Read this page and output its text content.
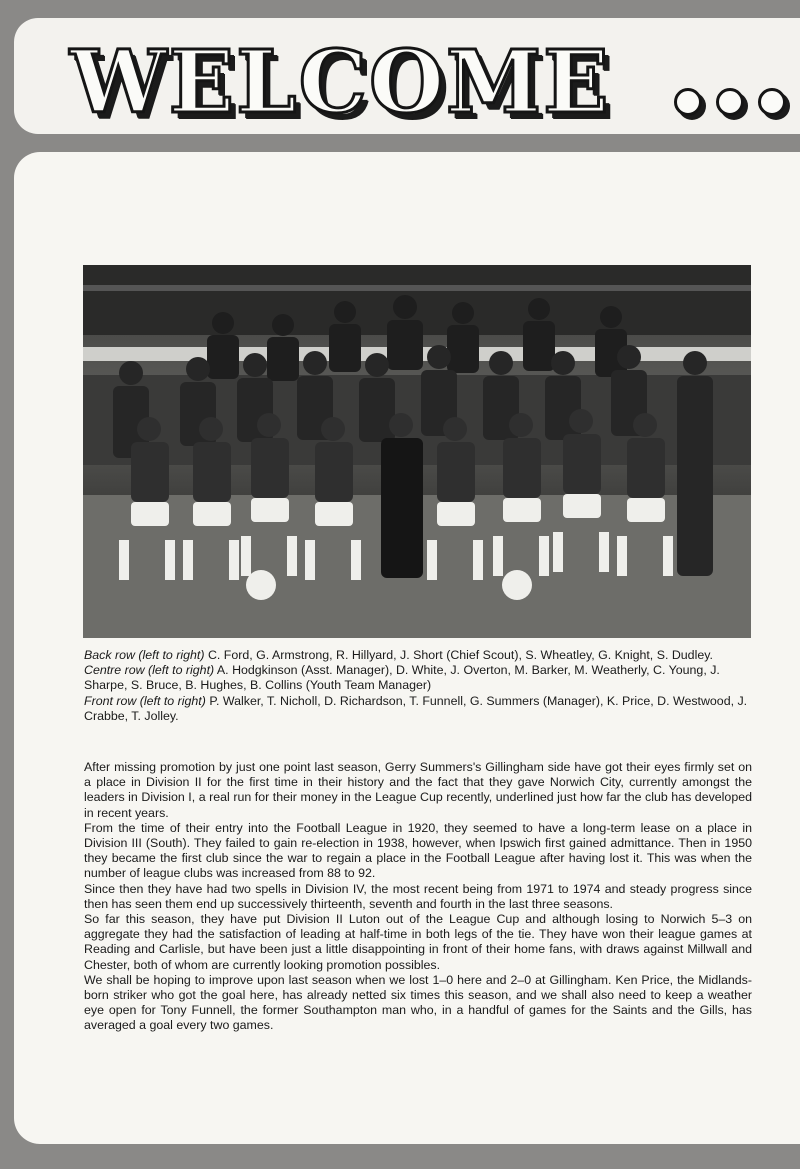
WELCOME

Back row (left to right) C. Ford, G. Armstrong, R. Hillyard, J. Short (Chief Scout), S. Wheatley, G. Knight, S. Dudley.

Centre row (left to right) A. Hodgkinson (Asst. Manager), D. White, J. Overton, M. Barker, M. Weatherly, C. Young, J. Sharpe, S. Bruce, B. Hughes, B. Collins (Youth Team Manager)

Front row (left to right) P. Walker, T. Nicholl, D. Richardson, T. Funnell, G. Summers (Manager), K. Price, D. Westwood, J. Crabbe, T. Jolley.

After missing promotion by just one point last season, Gerry Summers's Gillingham side have got their eyes firmly set on a place in Division II for the first time in their history and the fact that they gave Norwich City, currently amongst the leaders in Division I, a real run for their money in the League Cup recently, underlined just how far the club has developed in recent years.

From the time of their entry into the Football League in 1920, they seemed to have a long-term lease on a place in Division III (South). They failed to gain re-election in 1938, however, when Ipswich first gained admittance. Then in 1950 they became the first club since the war to regain a place in the Football League after having lost it. This was when the number of league clubs was increased from 88 to 92.

Since then they have had two spells in Division IV, the most recent being from 1971 to 1974 and steady progress since then has seen them end up successively thirteenth, seventh and fourth in the last three seasons.

So far this season, they have put Division II Luton out of the League Cup and although losing to Norwich 5–3 on aggregate they had the satisfaction of leading at half-time in both legs of the tie. They have won their league games at Reading and Carlisle, but have been just a little disappointing in front of their home fans, with draws against Millwall and Chester, both of whom are currently looking promotion possibles.

We shall be hoping to improve upon last season when we lost 1–0 here and 2–0 at Gillingham. Ken Price, the Midlands-born striker who got the goal here, has already netted six times this season, and we shall also need to keep a weather eye open for Tony Funnell, the former Southampton man who, in a handful of games for the Saints and the Gills, has averaged a goal every two games.
